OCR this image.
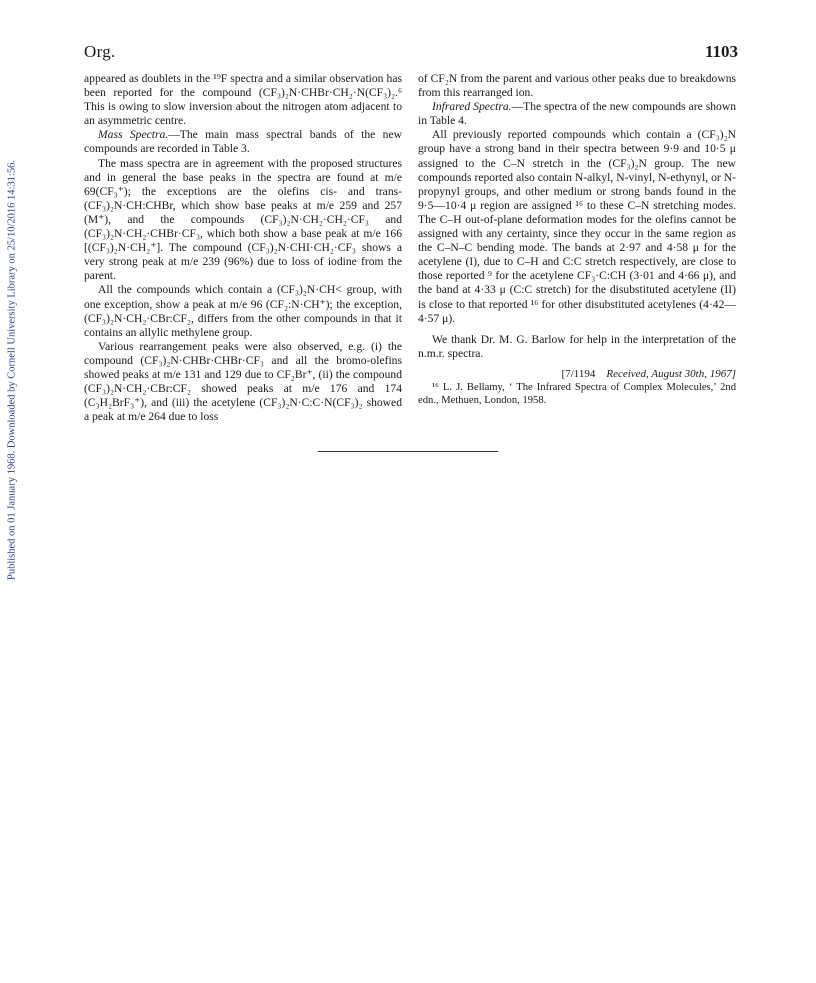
Published on 01 January 1968. Downloaded by Cornell University Library on 25/10/2016 14:31:56.
Org.	1103

appeared as doublets in the ¹⁹F spectra and a similar observation has been reported for the compound (CF₃)₂N·CHBr·CH₂·N(CF₃)₂.⁶ This is owing to slow inversion about the nitrogen atom adjacent to an asymmetric centre.

Mass Spectra.—The main mass spectral bands of the new compounds are recorded in Table 3.

The mass spectra are in agreement with the proposed structures and in general the base peaks in the spectra are found at m/e 69(CF₃⁺); the exceptions are the olefins cis- and trans-(CF₃)₂N·CH:CHBr, which show base peaks at m/e 259 and 257 (M⁺), and the compounds (CF₃)₂N·CH₂·CH₂·CF₃ and (CF₃)₂N·CH₂·CHBr·CF₃, which both show a base peak at m/e 166 [(CF₃)₂N·CH₂⁺]. The compound (CF₃)₂N·CHI·CH₂·CF₃ shows a very strong peak at m/e 239 (96%) due to loss of iodine from the parent.

All the compounds which contain a (CF₃)₂N·CH< group, with one exception, show a peak at m/e 96 (CF₂:N·CH⁺); the exception, (CF₃)₂N·CH₂·CBr:CF₂, differs from the other compounds in that it contains an allylic methylene group.

Various rearrangement peaks were also observed, e.g. (i) the compound (CF₃)₂N·CHBr·CHBr·CF₃ and all the bromo-olefins showed peaks at m/e 131 and 129 due to CF₂Br⁺, (ii) the compound (CF₃)₂N·CH₂·CBr:CF₂ showed peaks at m/e 176 and 174 (C₃H₂BrF₃⁺), and (iii) the acetylene (CF₃)₂N·C:C·N(CF₃)₂ showed a peak at m/e 264 due to loss

of CF₂N from the parent and various other peaks due to breakdowns from this rearranged ion.

Infrared Spectra.—The spectra of the new compounds are shown in Table 4.

All previously reported compounds which contain a (CF₃)₂N group have a strong band in their spectra between 9·9 and 10·5 μ assigned to the C–N stretch in the (CF₃)₂N group. The new compounds reported also contain N-alkyl, N-vinyl, N-ethynyl, or N-propynyl groups, and other medium or strong bands found in the 9·5—10·4 μ region are assigned ¹⁶ to these C–N stretching modes. The C–H out-of-plane deformation modes for the olefins cannot be assigned with any certainty, since they occur in the same region as the C–N–C bending mode. The bands at 2·97 and 4·58 μ for the acetylene (I), due to C–H and C:C stretch respectively, are close to those reported ⁹ for the acetylene CF₃·C:CH (3·01 and 4·66 μ), and the band at 4·33 μ (C:C stretch) for the disubstituted acetylene (II) is close to that reported ¹⁶ for other disubstituted acetylenes (4·42—4·57 μ).

We thank Dr. M. G. Barlow for help in the interpretation of the n.m.r. spectra.

[7/1194 Received, August 30th, 1967]

¹⁶ L. J. Bellamy, ‘ The Infrared Spectra of Complex Molecules,’ 2nd edn., Methuen, London, 1958.
